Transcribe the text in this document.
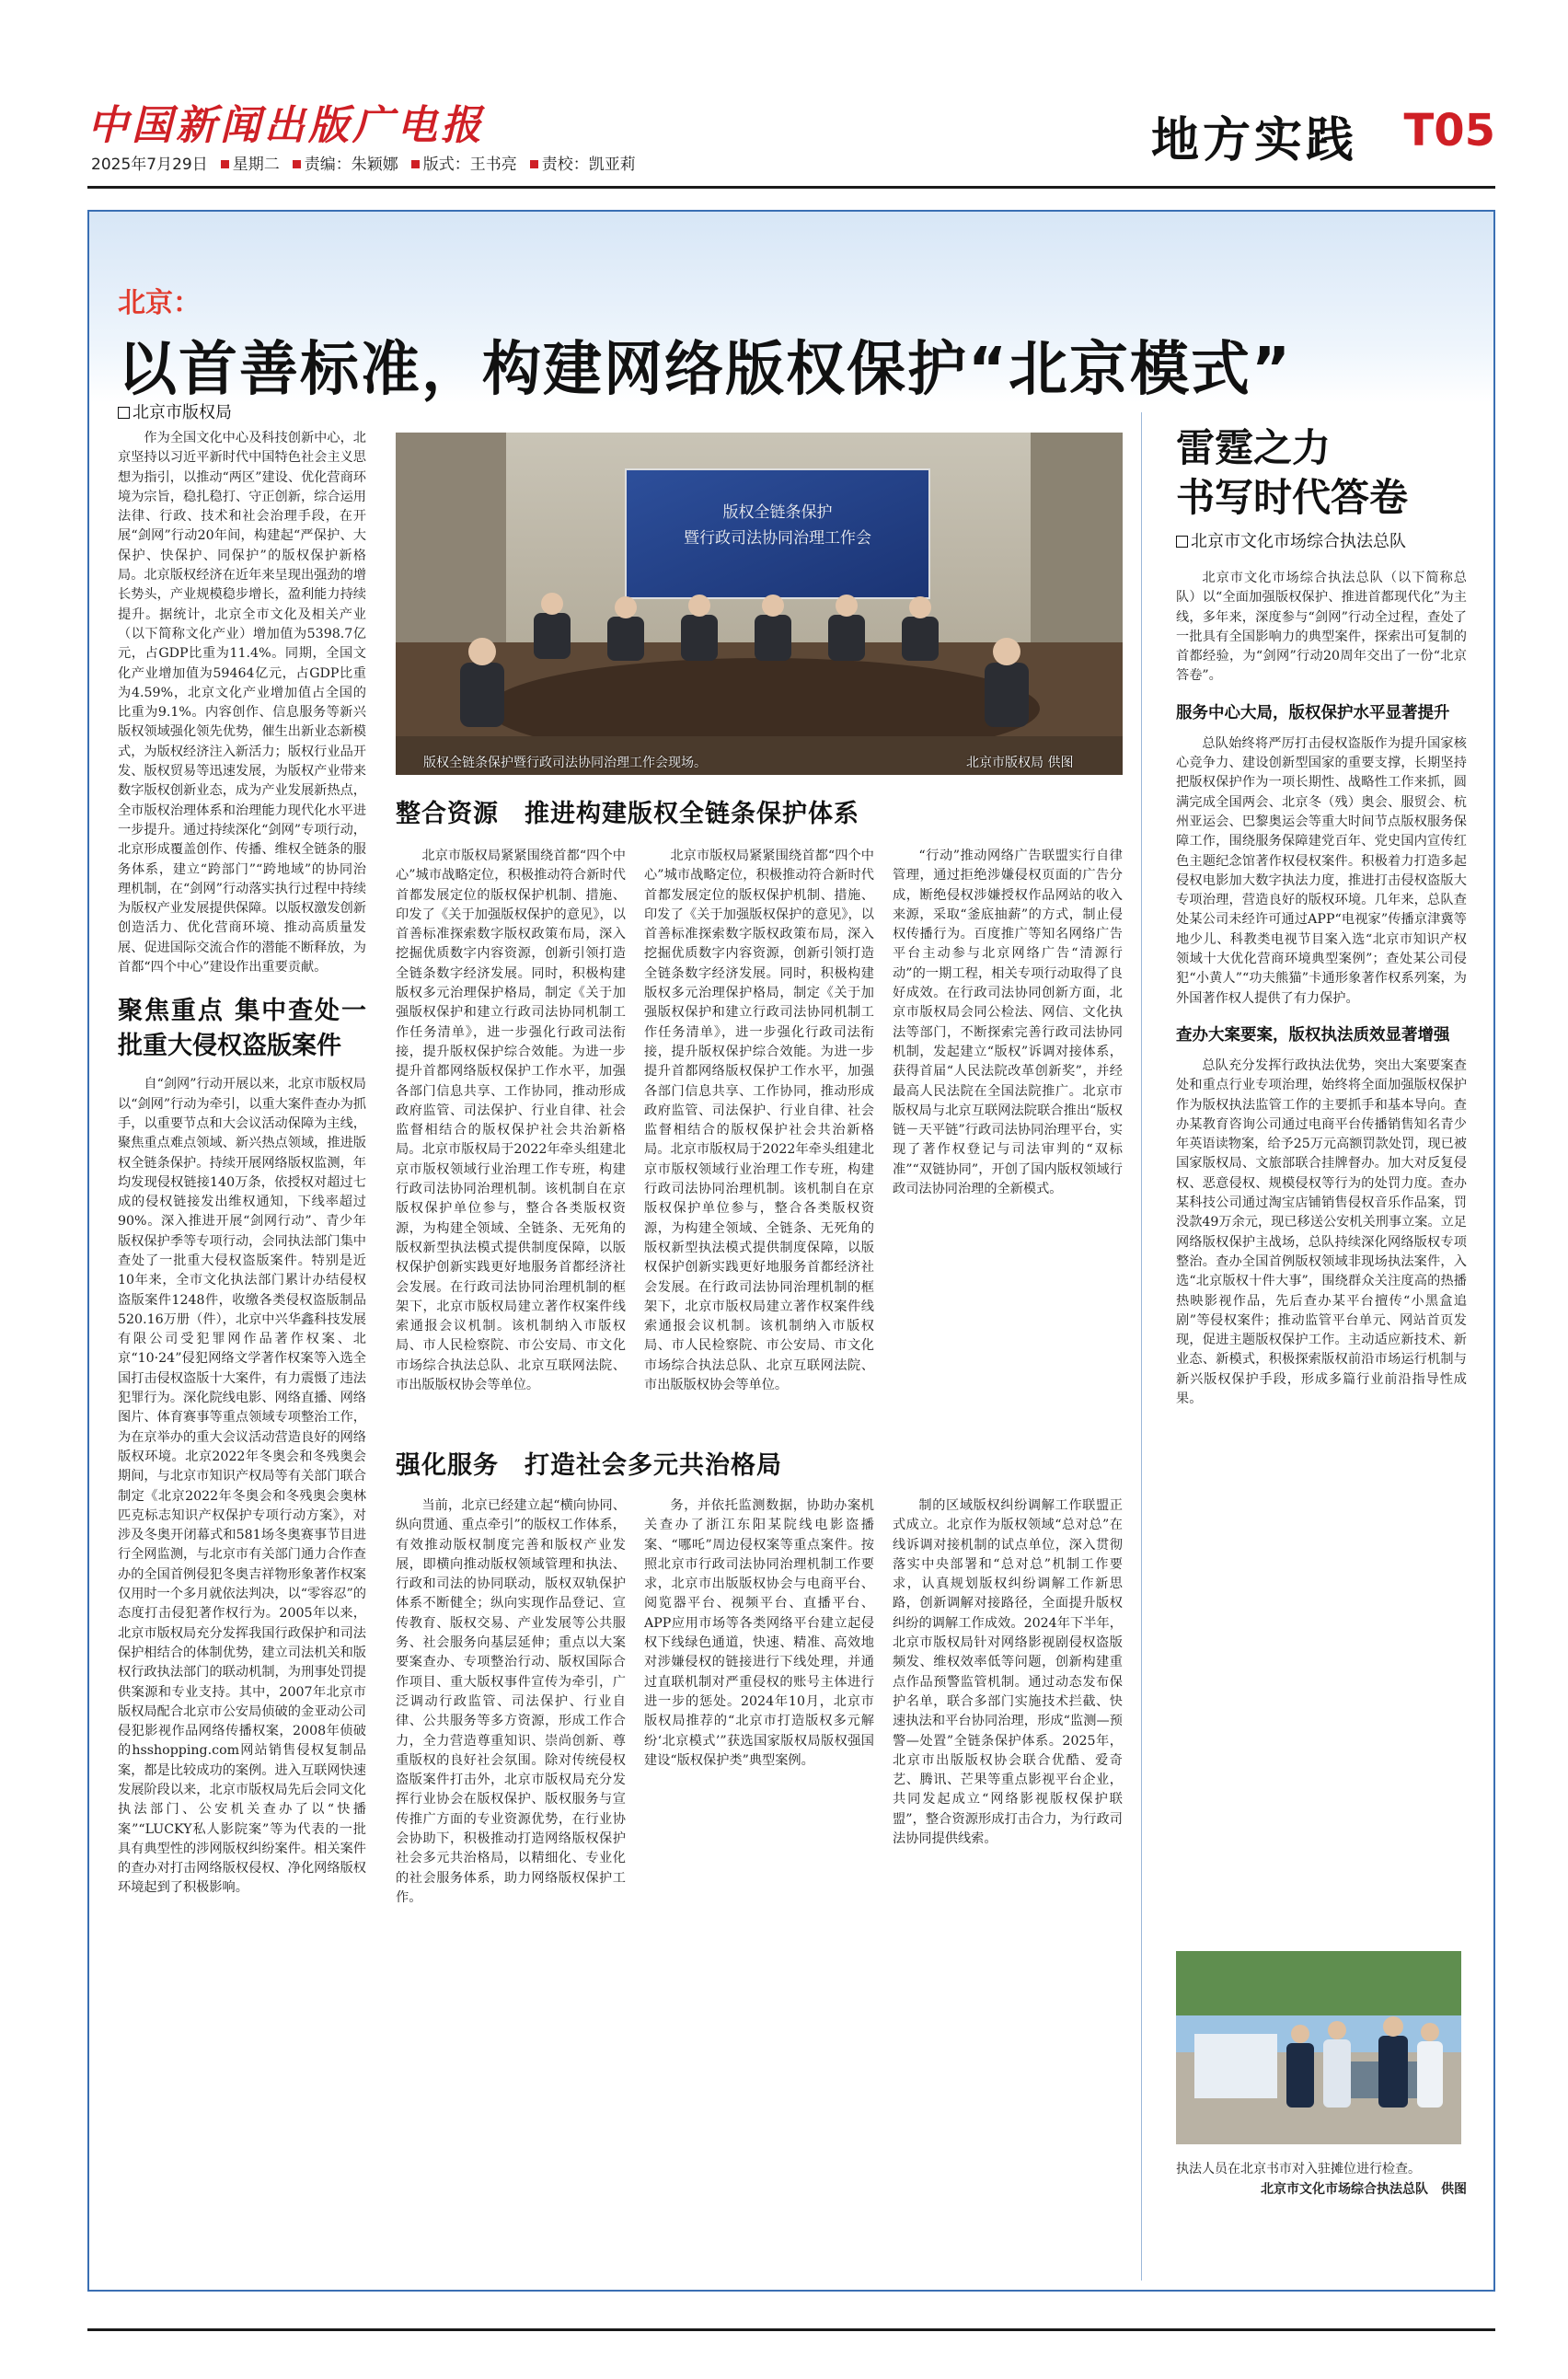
中国新闻出版广电报
2025年7月29日 星期二 责编：朱颖娜 版式：王书亮 责校：凯亚莉	地方实践 T05
北京：
以首善标准，构建网络版权保护“北京模式”
北京市版权局

作为全国文化中心及科技创新中心，北京坚持以习近平新时代中国特色社会主义思想为指引，以推动“两区”建设、优化营商环境为宗旨，稳扎稳打、守正创新，综合运用法律、行政、技术和社会治理手段，在开展“剑网”行动20年间，构建起“严保护、大保护、快保护、同保护”的版权保护新格局。北京版权经济在近年来呈现出强劲的增长势头，产业规模稳步增长，盈利能力持续提升。据统计，北京全市文化及相关产业（以下简称文化产业）增加值为5398.7亿元，占GDP比重为11.4%。同期，全国文化产业增加值为59464亿元，占GDP比重为4.59%，北京文化产业增加值占全国的比重为9.1%。内容创作、信息服务等新兴版权领域强化领先优势，催生出新业态新模式，为版权经济注入新活力；版权行业品开发、版权贸易等迅速发展，为版权产业带来数字版权创新业态，成为产业发展新热点，全市版权治理体系和治理能力现代化水平进一步提升。通过持续深化“剑网”专项行动，北京形成覆盖创作、传播、维权全链条的服务体系，建立“跨部门”“跨地域”的协同治理机制，在“剑网”行动落实执行过程中持续为版权产业发展提供保障。以版权激发创新创造活力、优化营商环境、推动高质量发展、促进国际交流合作的潜能不断释放，为首都“四个中心”建设作出重要贡献。

聚焦重点 集中查处一批重大侵权盗版案件

自“剑网”行动开展以来，北京市版权局以“剑网”行动为牵引，以重大案件查办为抓手，以重要节点和大会议活动保障为主线，聚焦重点难点领域、新兴热点领域，推进版权全链条保护。持续开展网络版权监测，年均发现侵权链接140万条，依授权对超过七成的侵权链接发出维权通知，下线率超过90%。深入推进开展“剑网行动”、青少年版权保护季等专项行动，会同执法部门集中查处了一批重大侵权盗版案件。特别是近10年来，全市文化执法部门累计办结侵权盗版案件1248件，收缴各类侵权盗版制品520.16万册（件），北京中兴华鑫科技发展有限公司受犯罪网作品著作权案、北京“10·24”侵犯网络文学著作权案等入选全国打击侵权盗版十大案件，有力震慑了违法犯罪行为。深化院线电影、网络直播、网络图片、体育赛事等重点领域专项整治工作，为在京举办的重大会议活动营造良好的网络版权环境。北京2022年冬奥会和冬残奥会期间，与北京市知识产权局等有关部门联合制定《北京2022年冬奥会和冬残奥会奥林匹克标志知识产权保护专项行动方案》，对涉及冬奥开闭幕式和581场冬奥赛事节目进行全网监测，与北京市有关部门通力合作查办的全国首例侵犯冬奥吉祥物形象著作权案仅用时一个多月就依法判决，以“零容忍”的态度打击侵犯著作权行为。2005年以来，北京市版权局充分发挥我国行政保护和司法保护相结合的体制优势，建立司法机关和版权行政执法部门的联动机制，为刑事处罚提供案源和专业支持。其中，2007年北京市版权局配合北京市公安局侦破的金亚动公司侵犯影视作品网络传播权案，2008年侦破的hsshopping.com网站销售侵权复制品案，都是比较成功的案例。进入互联网快速发展阶段以来，北京市版权局先后会同文化执法部门、公安机关查办了以“快播案”“LUCKY私人影院案”等为代表的一批具有典型性的涉网版权纠纷案件。相关案件的查办对打击网络版权侵权、净化网络版权环境起到了积极影响。

版权全链条保护
暨行政司法协同治理工作会
版权全链条保护暨行政司法协同治理工作会现场。	北京市版权局 供图
整合资源　推进构建版权全链条保护体系

北京市版权局紧紧围绕首都“四个中心”城市战略定位，积极推动符合新时代首都发展定位的版权保护机制、措施、印发了《关于加强版权保护的意见》，以首善标准探索数字版权政策布局，深入挖掘优质数字内容资源，创新引领打造全链条数字经济发展。同时，积极构建版权多元治理保护格局，制定《关于加强版权保护和建立行政司法协同机制工作任务清单》，进一步强化行政司法衔接，提升版权保护综合效能。为进一步提升首都网络版权保护工作水平，加强各部门信息共享、工作协同，推动形成政府监管、司法保护、行业自律、社会监督相结合的版权保护社会共治新格局。北京市版权局于2022年牵头组建北京市版权领域行业治理工作专班，构建行政司法协同治理机制。该机制自在京版权保护单位参与，整合各类版权资源，为构建全领域、全链条、无死角的版权新型执法模式提供制度保障，以版权保护创新实践更好地服务首都经济社会发展。在行政司法协同治理机制的框架下，北京市版权局建立著作权案件线索通报会议机制。该机制纳入市版权局、市人民检察院、市公安局、市文化市场综合执法总队、北京互联网法院、市出版版权协会等单位。

北京市版权局紧紧围绕首都“四个中心”城市战略定位，积极推动符合新时代首都发展定位的版权保护机制、措施、印发了《关于加强版权保护的意见》，以首善标准探索数字版权政策布局，深入挖掘优质数字内容资源，创新引领打造全链条数字经济发展。同时，积极构建版权多元治理保护格局，制定《关于加强版权保护和建立行政司法协同机制工作任务清单》，进一步强化行政司法衔接，提升版权保护综合效能。为进一步提升首都网络版权保护工作水平，加强各部门信息共享、工作协同，推动形成政府监管、司法保护、行业自律、社会监督相结合的版权保护社会共治新格局。北京市版权局于2022年牵头组建北京市版权领域行业治理工作专班，构建行政司法协同治理机制。该机制自在京版权保护单位参与，整合各类版权资源，为构建全领域、全链条、无死角的版权新型执法模式提供制度保障，以版权保护创新实践更好地服务首都经济社会发展。在行政司法协同治理机制的框架下，北京市版权局建立著作权案件线索通报会议机制。该机制纳入市版权局、市人民检察院、市公安局、市文化市场综合执法总队、北京互联网法院、市出版版权协会等单位。

“行动”推动网络广告联盟实行自律管理，通过拒绝涉嫌侵权页面的广告分成，断绝侵权涉嫌授权作品网站的收入来源，采取“釜底抽薪”的方式，制止侵权传播行为。百度推广等知名网络广告平台主动参与北京网络广告“清源行动”的一期工程，相关专项行动取得了良好成效。在行政司法协同创新方面，北京市版权局会同公检法、网信、文化执法等部门，不断探索完善行政司法协同机制，发起建立“版权”诉调对接体系，获得首届“人民法院改革创新奖”，并经最高人民法院在全国法院推广。北京市版权局与北京互联网法院联合推出“版权链－天平链”行政司法协同治理平台，实现了著作权登记与司法审判的“双标准”“双链协同”，开创了国内版权领域行政司法协同治理的全新模式。

强化服务　打造社会多元共治格局

当前，北京已经建立起“横向协同、纵向贯通、重点牵引”的版权工作体系，有效推动版权制度完善和版权产业发展，即横向推动版权领域管理和执法、行政和司法的协同联动，版权双轨保护体系不断健全；纵向实现作品登记、宣传教育、版权交易、产业发展等公共服务、社会服务向基层延伸；重点以大案要案查办、专项整治行动、版权国际合作项目、重大版权事件宣传为牵引，广泛调动行政监管、司法保护、行业自律、公共服务等多方资源，形成工作合力，全力营造尊重知识、崇尚创新、尊重版权的良好社会氛围。除对传统侵权盗版案件打击外，北京市版权局充分发挥行业协会在版权保护、版权服务与宣传推广方面的专业资源优势，在行业协会协助下，积极推动打造网络版权保护社会多元共治格局，以精细化、专业化的社会服务体系，助力网络版权保护工作。

务，并依托监测数据，协助办案机关查办了浙江东阳某院线电影盗播案、“哪吒”周边侵权案等重点案件。按照北京市行政司法协同治理机制工作要求，北京市出版版权协会与电商平台、阅览器平台、视频平台、直播平台、APP应用市场等各类网络平台建立起侵权下线绿色通道，快速、精准、高效地对涉嫌侵权的链接进行下线处理，并通过直联机制对严重侵权的账号主体进行进一步的惩处。2024年10月，北京市版权局推荐的“北京市打造版权多元解纷‘北京模式’”获选国家版权局版权强国建设“版权保护类”典型案例。

制的区域版权纠纷调解工作联盟正式成立。北京作为版权领域“总对总”在线诉调对接机制的试点单位，深入贯彻落实中央部署和“总对总”机制工作要求，认真规划版权纠纷调解工作新思路，创新调解对接路径，全面提升版权纠纷的调解工作成效。2024年下半年，北京市版权局针对网络影视剧侵权盗版频发、维权效率低等问题，创新构建重点作品预警监管机制。通过动态发布保护名单，联合多部门实施技术拦截、快速执法和平台协同治理，形成“监测—预警—处置”全链条保护体系。2025年，北京市出版版权协会联合优酷、爱奇艺、腾讯、芒果等重点影视平台企业，共同发起成立“网络影视版权保护联盟”，整合资源形成打击合力，为行政司法协同提供线索。

雷霆之力
书写时代答卷
北京市文化市场综合执法总队

北京市文化市场综合执法总队（以下简称总队）以“全面加强版权保护、推进首都现代化”为主线，多年来，深度参与“剑网”行动全过程，查处了一批具有全国影响力的典型案件，探索出可复制的首都经验，为“剑网”行动20周年交出了一份“北京答卷”。

服务中心大局，版权保护水平显著提升

总队始终将严厉打击侵权盗版作为提升国家核心竞争力、建设创新型国家的重要支撑，长期坚持把版权保护作为一项长期性、战略性工作来抓，圆满完成全国两会、北京冬（残）奥会、服贸会、杭州亚运会、巴黎奥运会等重大时间节点版权服务保障工作，围绕服务保障建党百年、党史国内宣传红色主题纪念馆著作权侵权案件。积极着力打造多起侵权电影加大数字执法力度，推进打击侵权盗版大专项治理，营造良好的版权环境。几年来，总队查处某公司未经许可通过APP“电视家”传播京津冀等地少儿、科教类电视节目案入选“北京市知识产权领域十大优化营商环境典型案例”；查处某公司侵犯“小黄人”“功夫熊猫”卡通形象著作权系列案，为外国著作权人提供了有力保护。

查办大案要案，版权执法质效显著增强

总队充分发挥行政执法优势，突出大案要案查处和重点行业专项治理，始终将全面加强版权保护作为版权执法监管工作的主要抓手和基本导向。查办某教育咨询公司通过电商平台传播销售知名青少年英语读物案，给予25万元高额罚款处罚，现已被国家版权局、文旅部联合挂牌督办。加大对反复侵权、恶意侵权、规模侵权等行为的处罚力度。查办某科技公司通过淘宝店铺销售侵权音乐作品案，罚没款49万余元，现已移送公安机关刑事立案。立足网络版权保护主战场，总队持续深化网络版权专项整治。查办全国首例版权领域非现场执法案件，入选“北京版权十件大事”，围绕群众关注度高的热播热映影视作品，先后查办某平台擅传“小黑盒追剧”等侵权案件；推动监管平台单元、网站首页发现，促进主题版权保护工作。主动适应新技术、新业态、新模式，积极探索版权前沿市场运行机制与新兴版权保护手段，形成多篇行业前沿指导性成果。

执法人员在北京书市对入驻摊位进行检查。
北京市文化市场综合执法总队　供图
